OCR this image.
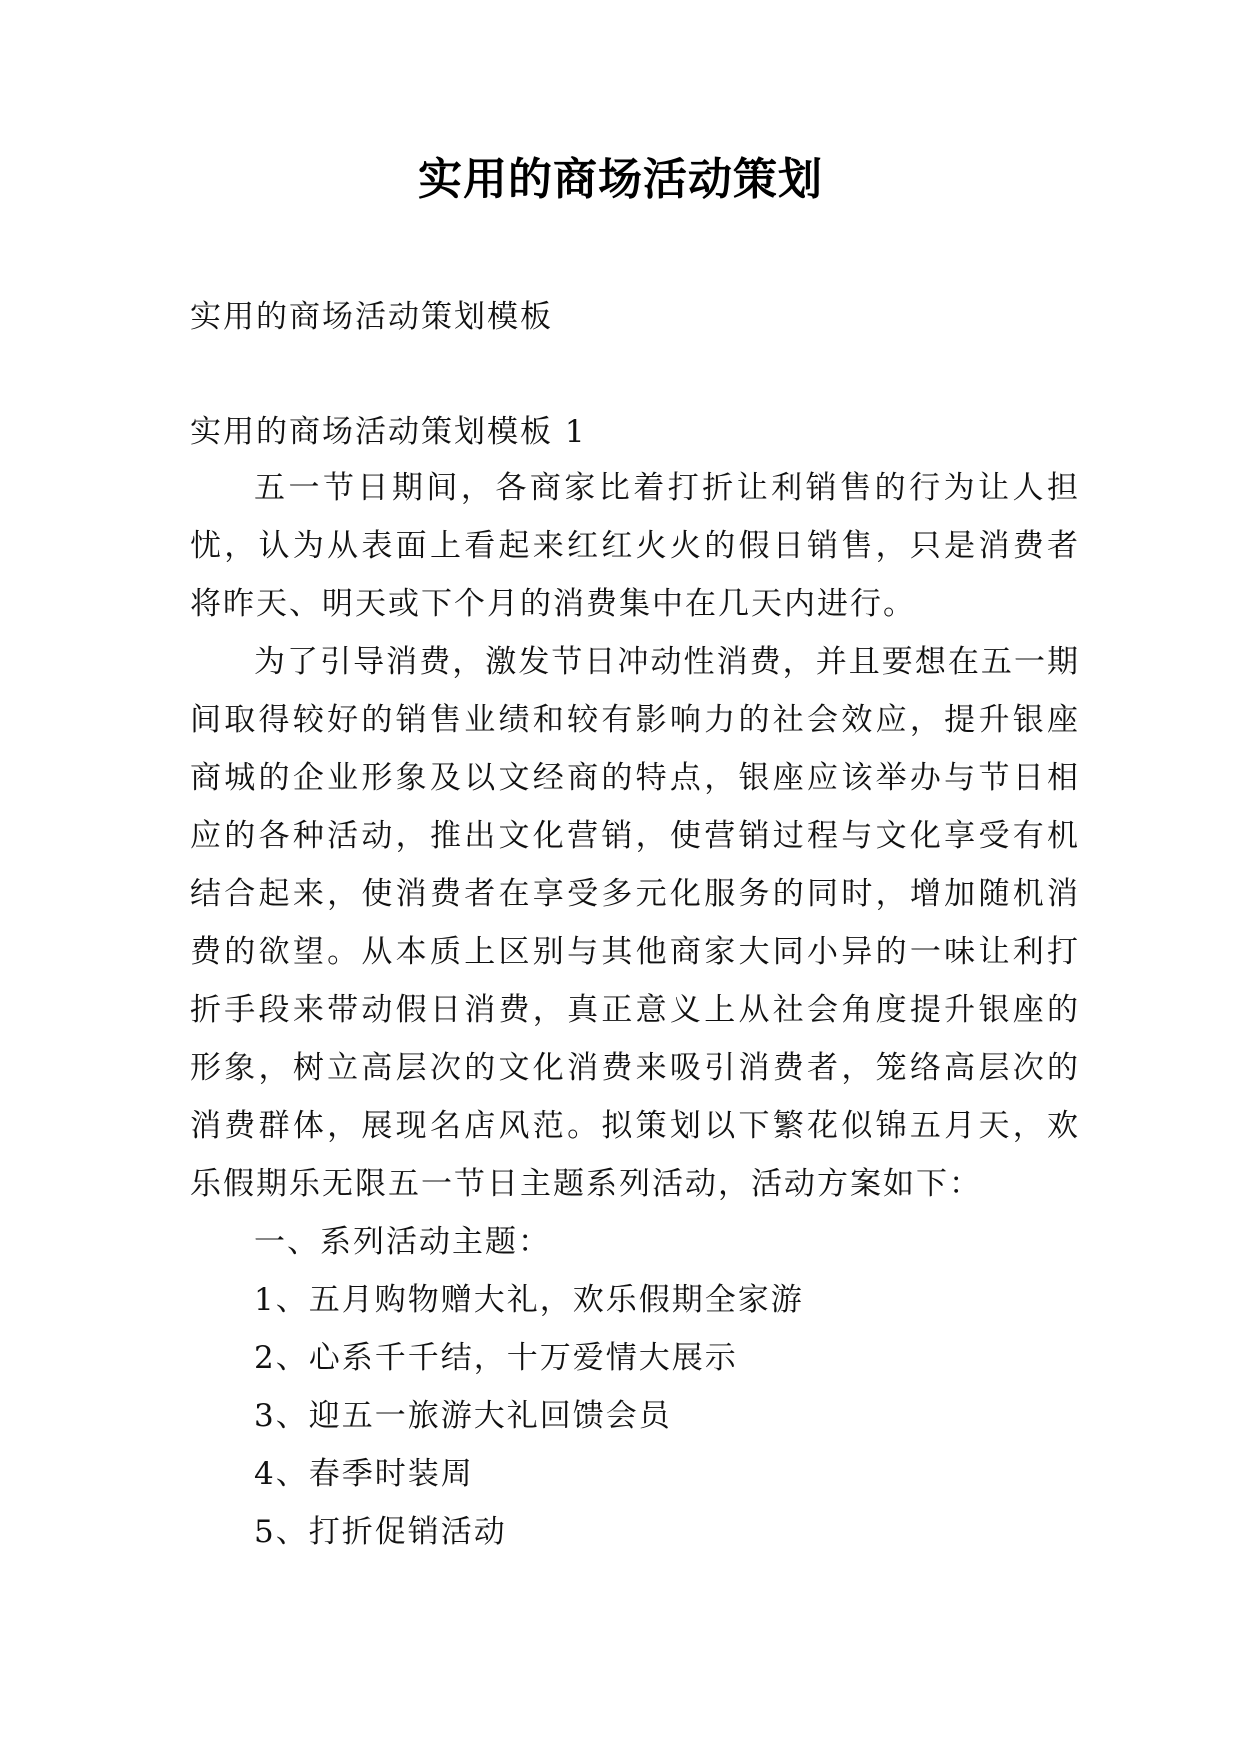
实用的商场活动策划

实用的商场活动策划模板

实用的商场活动策划模板 1

五一节日期间，各商家比着打折让利销售的行为让人担忧，认为从表面上看起来红红火火的假日销售，只是消费者将昨天、明天或下个月的消费集中在几天内进行。

为了引导消费，激发节日冲动性消费，并且要想在五一期间取得较好的销售业绩和较有影响力的社会效应，提升银座商城的企业形象及以文经商的特点，银座应该举办与节日相应的各种活动，推出文化营销，使营销过程与文化享受有机结合起来，使消费者在享受多元化服务的同时，增加随机消费的欲望。从本质上区别与其他商家大同小异的一味让利打折手段来带动假日消费，真正意义上从社会角度提升银座的形象，树立高层次的文化消费来吸引消费者，笼络高层次的消费群体，展现名店风范。拟策划以下繁花似锦五月天，欢乐假期乐无限五一节日主题系列活动，活动方案如下：

一、系列活动主题：

1、五月购物赠大礼，欢乐假期全家游

2、心系千千结，十万爱情大展示

3、迎五一旅游大礼回馈会员

4、春季时装周

5、打折促销活动
